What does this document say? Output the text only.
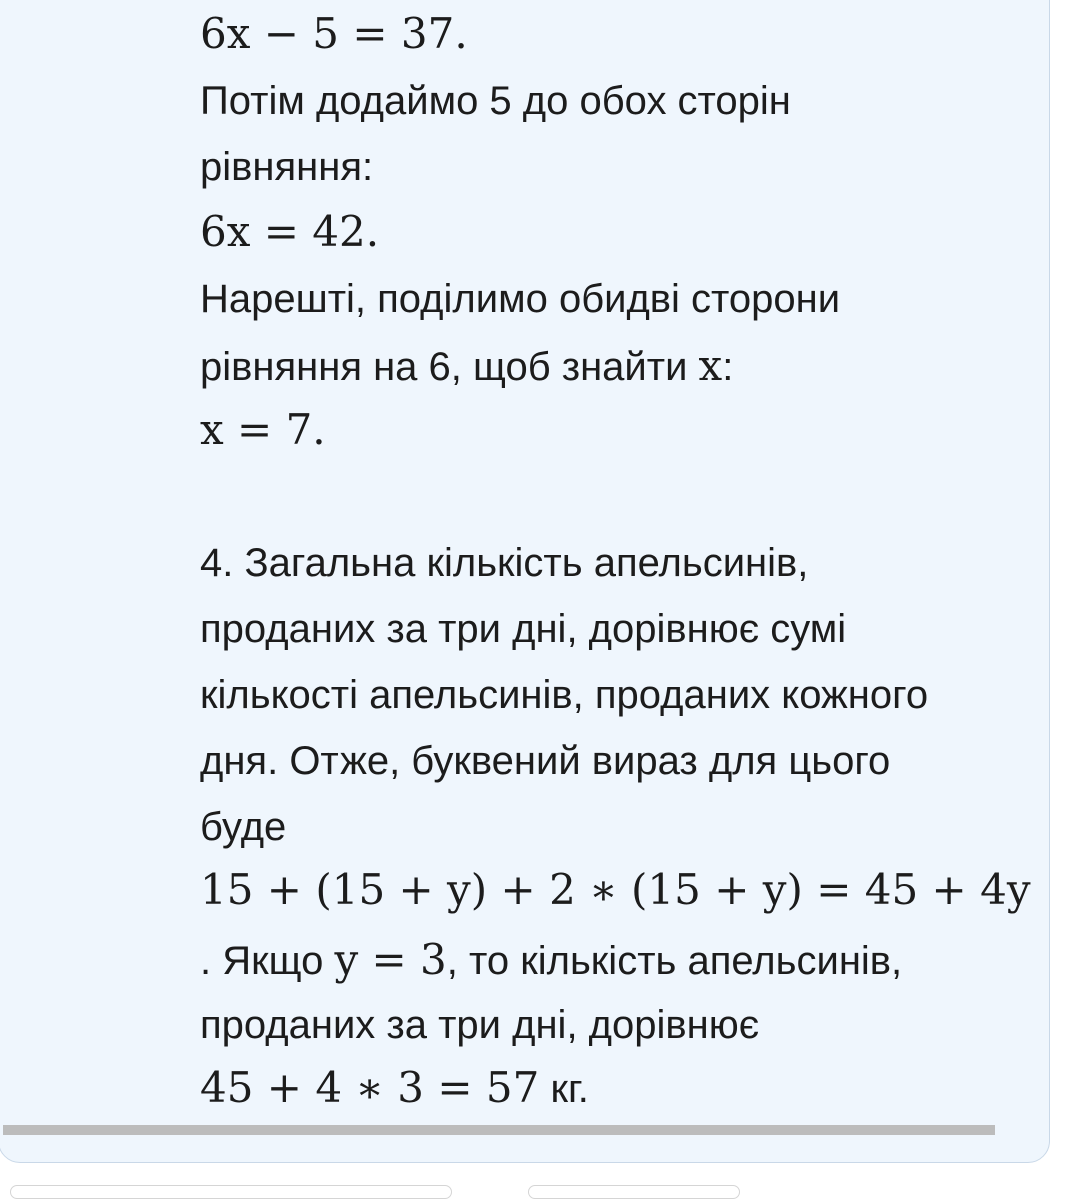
6x − 5 = 37.
Потім додаймо 5 до обох сторін
рівняння:
6x = 42.
Нарешті, поділимо обидві сторони
рівняння на 6, щоб знайти x:
x = 7.
4. Загальна кількість апельсинів,
проданих за три дні, дорівнює сумі
кількості апельсинів, проданих кожного
дня. Отже, буквений вираз для цього
буде
15 + (15 + y) + 2 ∗ (15 + y) = 45 + 4y
. Якщо y = 3, то кількість апельсинів,
проданих за три дні, дорівнює
45 + 4 ∗ 3 = 57 кг.
